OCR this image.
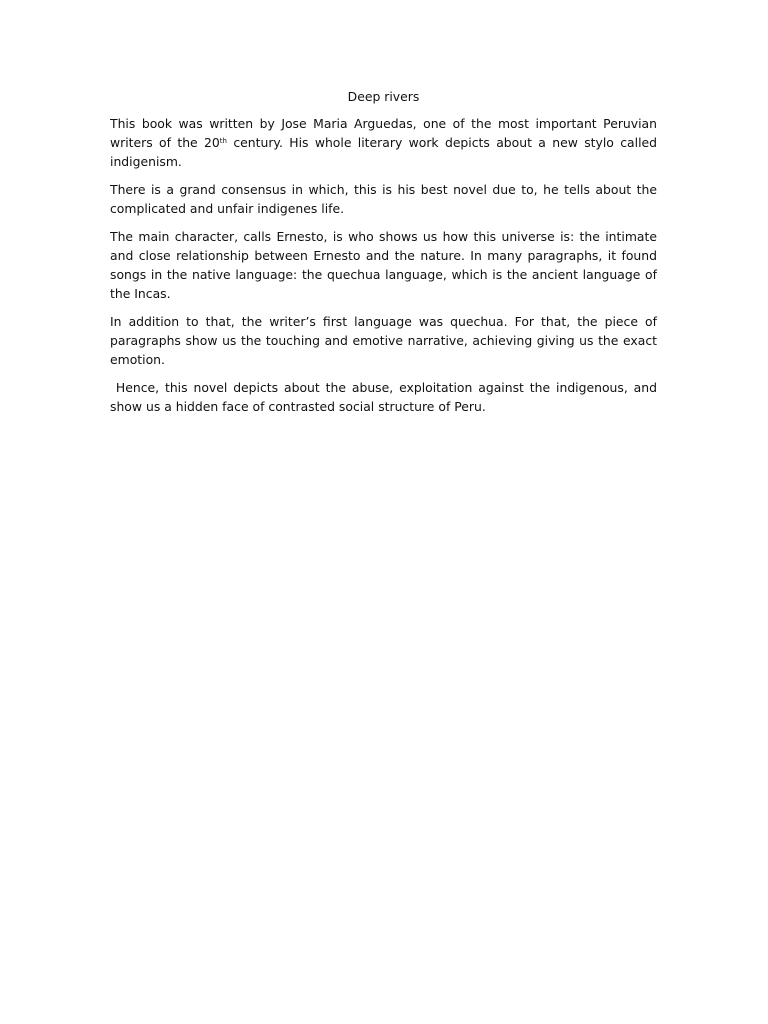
Deep rivers

This book was written by Jose Maria Arguedas, one of the most important Peruvian writers of the 20th century. His whole literary work depicts about a new stylo called indigenism.

There is a grand consensus in which, this is his best novel due to, he tells about the complicated and unfair indigenes life.

The main character, calls Ernesto, is who shows us how this universe is: the intimate and close relationship between Ernesto and the nature. In many paragraphs, it found songs in the native language: the quechua language, which is the ancient language of the Incas.

In addition to that, the writer’s first language was quechua. For that, the piece of paragraphs show us the touching and emotive narrative, achieving giving us the exact emotion.

Hence, this novel depicts about the abuse, exploitation against the indigenous, and show us a hidden face of contrasted social structure of Peru.
